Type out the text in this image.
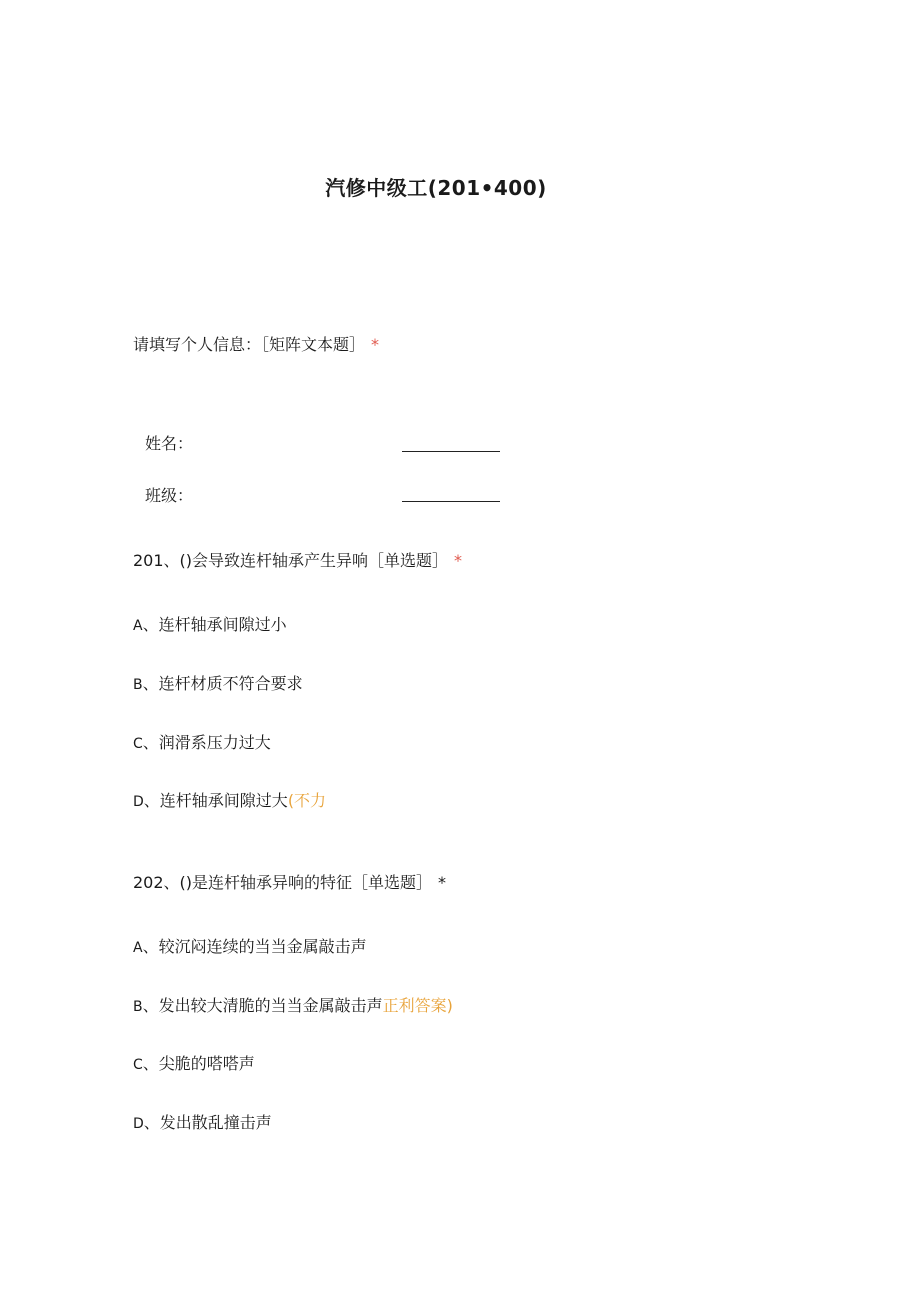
汽修中级工(201•400)
请填写个人信息：［矩阵文本题］ *
姓名：
班级：
201、()会导致连杆轴承产生异响［单选题］ *
A、连杆轴承间隙过小
B、连杆材质不符合要求
C、润滑系压力过大
D、连杆轴承间隙过大(不力
202、()是连杆轴承异响的特征［单选题］ *
A、较沉闷连续的当当金属敲击声
B、发出较大清脆的当当金属敲击声正利答案)
C、尖脆的嗒嗒声
D、发出散乱撞击声
